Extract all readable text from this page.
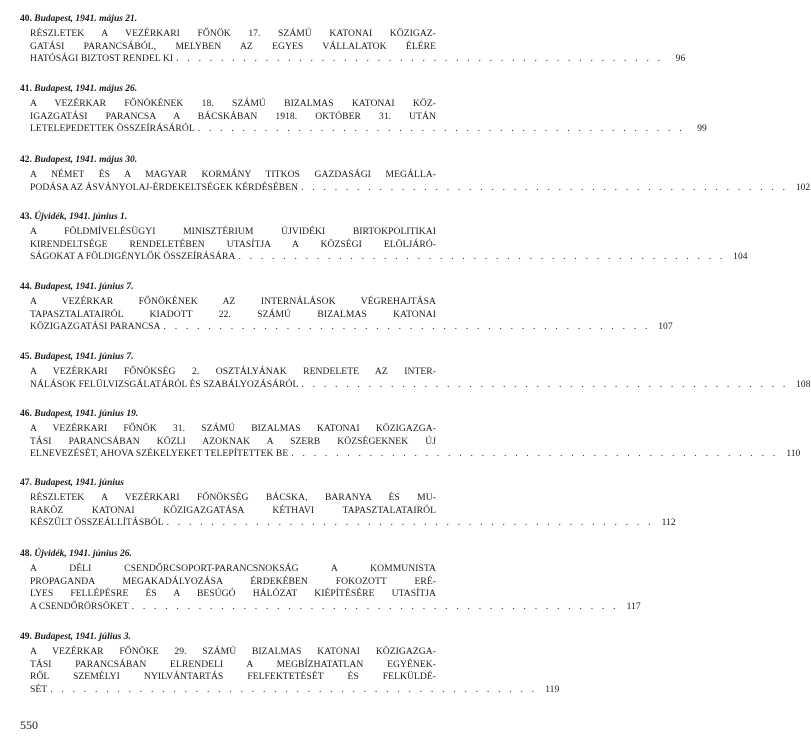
40. Budapest, 1941. május 21.
RÉSZLETEK A VEZÉRKARI FŐNÖK 17. SZÁMÚ KATONAI KÖZIGAZ-
GATÁSI PARANCSÁBÓL, MELYBEN AZ EGYES VÁLLALATOK ÉLÉRE
HATÓSÁGI BIZTOST RENDEL KI . . . . . . . . . . . . . . . . . . . . . . . . . . . . . . . . . . . . . . . . . . . .	96
41. Budapest, 1941. május 26.
A VEZÉRKAR FŐNÖKÉNEK 18. SZÁMÚ BIZALMAS KATONAI KÖZ-
IGAZGATÁSI PARANCSA A BÁCSKÁBAN 1918. OKTÓBER 31. UTÁN
LETELEPEDETTEK ÖSSZEÍRÁSÁRÓL . . . . . . . . . . . . . . . . . . . . . . . . . . . . . . . . . . . . . . . . . . . .	99
42. Budapest, 1941. május 30.
A NÉMET ÉS A MAGYAR KORMÁNY TITKOS GAZDASÁGI MEGÁLLA-
PODÁSA AZ ÁSVÁNYOLAJ-ÉRDEKELTSÉGEK KÉRDÉSÉBEN . . . . . . . . . . . . . . . . . . . . . . . . . . . . . . . . . . . . . . . . . . . . 102
43. Újvidék, 1941. június 1.
A FÖLDMÍVELÉSÜGYI MINISZTÉRIUM ÚJVIDÉKI BIRTOKPOLITIKAI
KIRENDELTSÉGE RENDELETÉBEN UTASÍTJA A KÖZSÉGI ELÖLJÁRÓ-
SÁGOKAT A FÖLDIGÉNYLŐK ÖSSZEÍRÁSÁRA . . . . . . . . . . . . . . . . . . . . . . . . . . . . . . . . . . . . . . . . . . . . 104
44. Budapest, 1941. június 7.
A VEZÉRKAR FŐNÖKÉNEK AZ INTERNÁLÁSOK VÉGREHAJTÁSA
TAPASZTALATAIRÓL KIADOTT 22. SZÁMÚ BIZALMAS KATONAI
KÖZIGAZGATÁSI PARANCSA . . . . . . . . . . . . . . . . . . . . . . . . . . . . . . . . . . . . . . . . . . . . 107
45. Budapest, 1941. június 7.
A VEZÉRKARI FŐNÖKSÉG 2. OSZTÁLYÁNAK RENDELETE AZ INTER-
NÁLÁSOK FELÜLVIZSGÁLATÁRÓL ÉS SZABÁLYOZÁSÁRÓL . . . . . . . . . . . . . . . . . . . . . . . . . . . . . . . . . . . . . . . . . . . . 108
46. Budapest, 1941. június 19.
A VEZÉRKARI FŐNÖK 31. SZÁMÚ BIZALMAS KATONAI KÖZIGAZGA-
TÁSI PARANCSÁBAN KÖZLI AZOKNAK A SZERB KÖZSÉGEKNEK ÚJ
ELNEVEZÉSÉT, AHOVA SZÉKELYEKET TELEPÍTETTEK BE . . . . . . . . . . . . . . . . . . . . . . . . . . . . . . . . . . . . . . . . . . . . 110
47. Budapest, 1941. június
RÉSZLETEK A VEZÉRKARI FŐNÖKSÉG BÁCSKA, BARANYA ÉS MU-
RAKÖZ KATONAI KÖZIGAZGATÁSA KÉTHAVI TAPASZTALATAIRÓL
KÉSZÜLT ÖSSZEÁLLÍTÁSBÓL . . . . . . . . . . . . . . . . . . . . . . . . . . . . . . . . . . . . . . . . . . . . 112
48. Újvidék, 1941. június 26.
A DÉLI CSENDŐRCSOPORT-PARANCSNOKSÁG A KOMMUNISTA
PROPAGANDA MEGAKADÁLYOZÁSA ÉRDEKÉBEN FOKOZOTT ERÉ-
LYES FELLÉPÉSRE ÉS A BESÚGÓ HÁLÓZAT KIÉPÍTÉSÉRE UTASÍTJA
A CSENDŐRÖRSÖKET . . . . . . . . . . . . . . . . . . . . . . . . . . . . . . . . . . . . . . . . . . . . 117
49. Budapest, 1941. július 3.
A VEZÉRKAR FŐNÖKE 29. SZÁMÚ BIZALMAS KATONAI KÖZIGAZGA-
TÁSI PARANCSÁBAN ELRENDELI A MEGBÍZHATATLAN EGYÉNEK-
RŐL SZEMÉLYI NYILVÁNTARTÁS FELFEKTETÉSÉT ÉS FELKÜLDÉ-
SÉT . . . . . . . . . . . . . . . . . . . . . . . . . . . . . . . . . . . . . . . . . . . . 119
550
